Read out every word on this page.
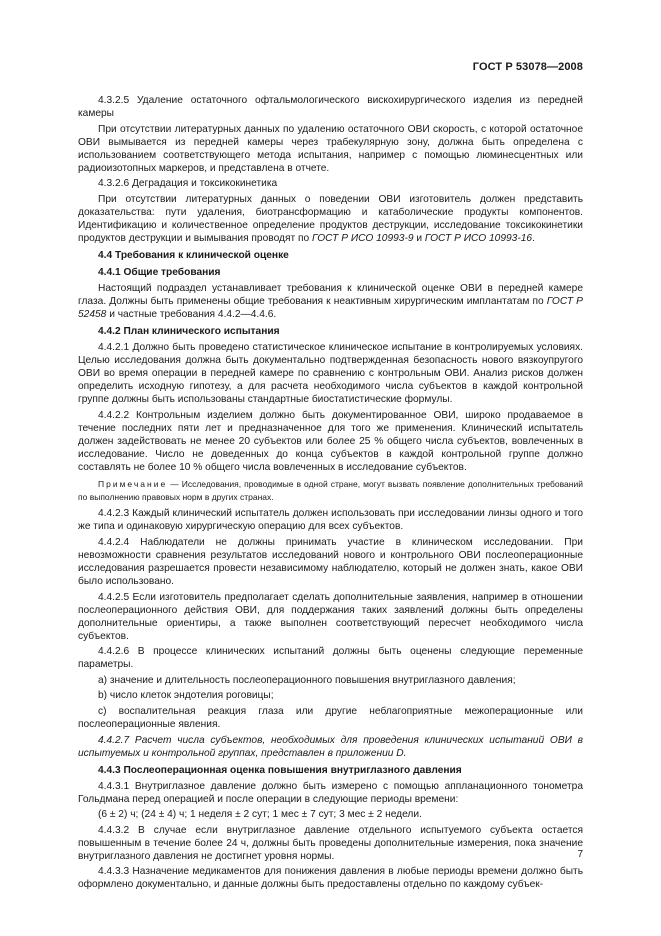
ГОСТ Р 53078—2008

4.3.2.5 Удаление остаточного офтальмологического вискохирургического изделия из передней камеры

При отсутствии литературных данных по удалению остаточного ОВИ скорость, с которой остаточное ОВИ вымывается из передней камеры через трабекулярную зону, должна быть определена с использованием соответствующего метода испытания, например с помощью люминесцентных или радиоизотопных маркеров, и представлена в отчете.

4.3.2.6 Деградация и токсикокинетика

При отсутствии литературных данных о поведении ОВИ изготовитель должен представить доказательства: пути удаления, биотрансформацию и катаболические продукты компонентов. Идентификацию и количественное определение продуктов деструкции, исследование токсикокинетики продуктов деструкции и вымывания проводят по ГОСТ Р ИСО 10993-9 и ГОСТ Р ИСО 10993-16.

4.4 Требования к клинической оценке

4.4.1 Общие требования

Настоящий подраздел устанавливает требования к клинической оценке ОВИ в передней камере глаза. Должны быть применены общие требования к неактивным хирургическим имплантатам по ГОСТ Р 52458 и частные требования 4.4.2—4.4.6.

4.4.2 План клинического испытания

4.4.2.1 Должно быть проведено статистическое клиническое испытание в контролируемых условиях. Целью исследования должна быть документально подтвержденная безопасность нового вязкоупругого ОВИ во время операции в передней камере по сравнению с контрольным ОВИ. Анализ рисков должен определить исходную гипотезу, а для расчета необходимого числа субъектов в каждой контрольной группе должны быть использованы стандартные биостатистические формулы.

4.4.2.2 Контрольным изделием должно быть документированное ОВИ, широко продаваемое в течение последних пяти лет и предназначенное для того же применения. Клинический испытатель должен задействовать не менее 20 субъектов или более 25 % общего числа субъектов, вовлеченных в исследование. Число не доведенных до конца субъектов в каждой контрольной группе должно составлять не более 10 % общего числа вовлеченных в исследование субъектов.

Примечание — Исследования, проводимые в одной стране, могут вызвать появление дополнительных требований по выполнению правовых норм в других странах.

4.4.2.3 Каждый клинический испытатель должен использовать при исследовании линзы одного и того же типа и одинаковую хирургическую операцию для всех субъектов.

4.4.2.4 Наблюдатели не должны принимать участие в клиническом исследовании. При невозможности сравнения результатов исследований нового и контрольного ОВИ послеоперационные исследования разрешается провести независимому наблюдателю, который не должен знать, какое ОВИ было использовано.

4.4.2.5 Если изготовитель предполагает сделать дополнительные заявления, например в отношении послеоперационного действия ОВИ, для поддержания таких заявлений должны быть определены дополнительные ориентиры, а также выполнен соответствующий пересчет необходимого числа субъектов.

4.4.2.6 В процессе клинических испытаний должны быть оценены следующие переменные параметры.

a) значение и длительность послеоперационного повышения внутриглазного давления;

b) число клеток эндотелия роговицы;

c) воспалительная реакция глаза или другие неблагоприятные межоперационные или послеоперационные явления.

4.4.2.7 Расчет числа субъектов, необходимых для проведения клинических испытаний ОВИ в испытуемых и контрольной группах, представлен в приложении D.

4.4.3 Послеоперационная оценка повышения внутриглазного давления

4.4.3.1 Внутриглазное давление должно быть измерено с помощью аппланационного тонометра Гольдмана перед операцией и после операции в следующие периоды времени:

(6 ± 2) ч; (24 ± 4) ч; 1 неделя ± 2 сут; 1 мес ± 7 сут; 3 мес ± 2 недели.

4.4.3.2 В случае если внутриглазное давление отдельного испытуемого субъекта остается повышенным в течение более 24 ч, должны быть проведены дополнительные измерения, пока значение внутриглазного давления не достигнет уровня нормы.

4.4.3.3 Назначение медикаментов для понижения давления в любые периоды времени должно быть оформлено документально, и данные должны быть предоставлены отдельно по каждому субъек-

7
